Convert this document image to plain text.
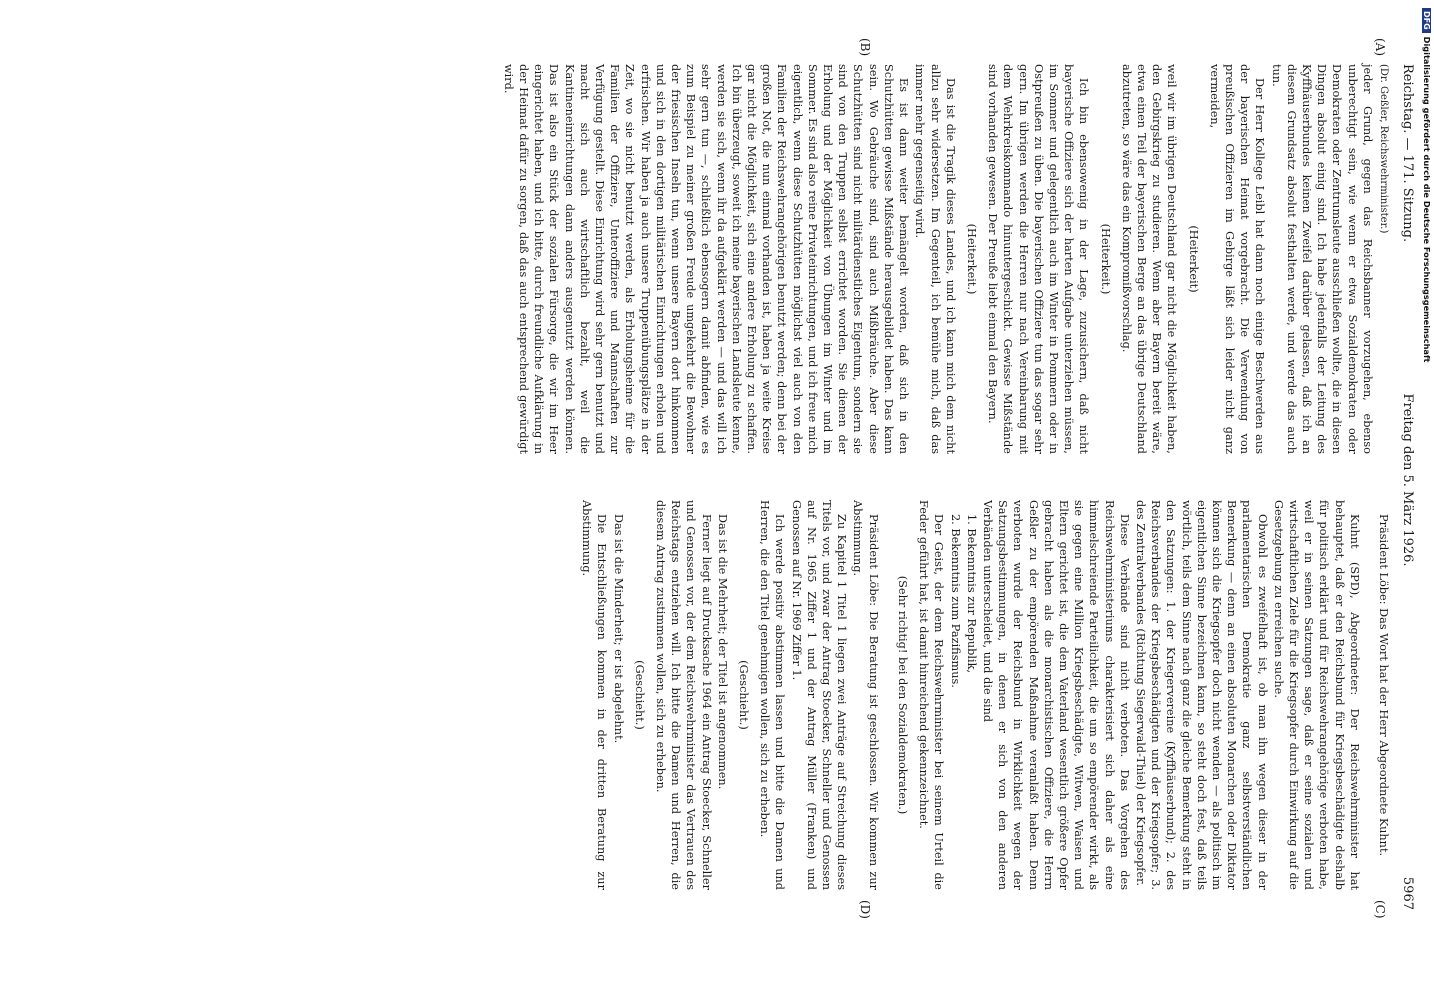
Reichstag. — 171. Sitzung.
Freitag den 5. März 1926.
5967
(A)
(B)
(C)
(D)

(Dr. Geßler, Reichswehrminister.)

jeder Grund, gegen das Reichsbanner vorzugehen, ebenso unberechtigt sein, wie wenn er etwa Sozialdemokraten oder Demokraten oder Zentrumsleute ausschließen wollte, die in diesen Dingen absolut einig sind. Ich habe jedenfalls der Leitung des Kyffhäuserbundes keinen Zweifel darüber gelassen, daß ich an diesem Grundsatz absolut festhalten werde, und werde das auch tun.

Der Herr Kollege Leibl hat dann noch einige Beschwerden aus der bayerischen Heimat vorgebracht. Die Verwendung von preußischen Offizieren im Gebirge läßt sich leider nicht ganz vermeiden,

(Heiterkeit)

weil wir im übrigen Deutschland gar nicht die Möglichkeit haben, den Gebirgskrieg zu studieren. Wenn aber Bayern bereit wäre, etwa einen Teil der bayerischen Berge an das übrige Deutschland abzutreten, so wäre das ein Kompromißvorschlag.

(Heiterkeit.)

Ich bin ebensowenig in der Lage, zuzusichern, daß nicht bayerische Offiziere sich der harten Aufgabe unterziehen müssen, im Sommer und gelegentlich auch im Winter in Pommern oder in Ostpreußen zu üben. Die bayerischen Offiziere tun das sogar sehr gern. Im übrigen werden die Herren nur nach Vereinbarung mit dem Wehrkreiskommando hinuntergeschickt. Gewisse Mißstände sind vorhanden gewesen. Der Preuße liebt einmal den Bayern.

(Heiterkeit.)

Das ist die Tragik dieses Landes, und ich kann mich dem nicht allzu sehr widersetzen. Im Gegenteil, ich bemühe mich, daß das immer mehr gegenseitig wird.

Es ist dann weiter bemängelt worden, daß sich in den Schutzhütten gewisse Mißstände herausgebildet haben. Das kann sein. Wo Gebräuche sind, sind auch Mißbräuche. Aber diese Schutzhütten sind nicht militärdienstliches Eigentum, sondern sie sind von den Truppen selbst errichtet worden. Sie dienen der Erholung und der Möglichkeit von Übungen im Winter und im Sommer. Es sind also reine Privateinrichtungen, und ich freue mich eigentlich, wenn diese Schutzhütten möglichst viel auch von den Familien der Reichswehrangehörigen benutzt werden; denn bei der großen Not, die nun einmal vorhanden ist, haben ja weite Kreise gar nicht die Möglichkeit, sich eine andere Erholung zu schaffen. Ich bin überzeugt, soweit ich meine bayerischen Landsleute kenne, werden sie sich, wenn ihr da aufgeklärt werden — und das will ich sehr gern tun —, schließlich ebensogern damit abfinden, wie es zum Beispiel zu meiner großen Freude umgekehrt die Bewohner der friesischen Inseln tun, wenn unsere Bayern dort hinkommen und sich in den dortigen militärischen Einrichtungen erholen und erfrischen. Wir haben ja auch unsere Truppenübungsplätze in der Zeit, wo sie nicht benutzt werden, als Erholungsheime für die Familien der Offiziere, Unteroffiziere und Mannschaften zur Verfügung gestellt. Diese Einrichtung wird sehr gern benutzt und macht sich auch wirtschaftlich bezahlt, weil die Kantineneinrichtungen dann anders ausgenutzt werden können. Das ist also ein Stück der sozialen Fürsorge, die wir im Heer eingerichtet haben, und ich bitte, durch freundliche Aufklärung in der Heimat dafür zu sorgen, daß das auch entsprechend gewürdigt wird.

Präsident Löbe: Das Wort hat der Herr Abgeordnete Kuhnt.

Kuhnt (SPD), Abgeordneter: Der Reichswehrminister hat behauptet, daß er den Reichsbund für Kriegsbeschädigte deshalb für politisch erklärt und für Reichswehrangehörige verboten habe, weil er in seinen Satzungen sage, daß er seine sozialen und wirtschaftlichen Ziele für die Kriegsopfer durch Einwirkung auf die Gesetzgebung zu erreichen suche.

Obwohl es zweifelhaft ist, ob man ihn wegen dieser in der parlamentarischen Demokratie ganz selbstverständlichen Bemerkung — denn an einen absoluten Monarchen oder Diktator können sich die Kriegsopfer doch nicht wenden — als politisch im eigentlichen Sinne bezeichnen kann, so steht doch fest, daß teils wörtlich, teils dem Sinne nach ganz die gleiche Bemerkung steht in den Satzungen: 1. der Kriegervereine (Kyffhäuserbund); 2. des Reichsverbandes der Kriegsbeschädigten und der Kriegsopfer; 3. des Zentralverbandes (Richtung Siegerwald-Thiel) der Kriegsopfer.

Diese Verbände sind nicht verboten. Das Vorgehen des Reichswehrministeriums charakterisiert sich daher als eine himmelschreiende Parteilichkeit, die um so empörender wirkt, als sie gegen eine Million Kriegsbeschädigte, Witwen, Waisen und Eltern gerichtet ist, die dem Vaterland wesentlich größere Opfer gebracht haben als die monarchistischen Offiziere, die Herrn Geßler zu der empörenden Maßnahme veranlaßt haben. Denn verboten wurde der Reichsbund in Wirklichkeit wegen der Satzungsbestimmungen, in denen er sich von den anderen Verbänden unterscheidet, und die sind

1. Bekenntnis zur Republik,

2. Bekenntnis zum Pazifismus.

Der Geist, der dem Reichswehrminister bei seinem Urteil die Feder geführt hat, ist damit hinreichend gekennzeichnet.

(Sehr richtig! bei den Sozialdemokraten.)

Präsident Löbe: Die Beratung ist geschlossen. Wir kommen zur Abstimmung.

Zu Kapitel 1 Titel 1 liegen zwei Anträge auf Streichung dieses Titels vor, und zwar der Antrag Stoecker, Schneller und Genossen auf Nr. 1965 Ziffer 1 und der Antrag Müller (Franken) und Genossen auf Nr. 1969 Ziffer 1.

Ich werde positiv abstimmen lassen und bitte die Damen und Herren, die den Titel genehmigen wollen, sich zu erheben.

(Geschieht.)

Das ist die Mehrheit; der Titel ist angenommen.

Ferner liegt auf Drucksache 1964 ein Antrag Stoecker, Schneller und Genossen vor, der dem Reichswehrminister das Vertrauen des Reichstags entziehen will. Ich bitte die Damen und Herren, die diesem Antrag zustimmen wollen, sich zu erheben.

(Geschieht.)

Das ist die Minderheit; er ist abgelehnt.

Die Entschließungen kommen in der dritten Beratung zur Abstimmung.

DFGDigitalisierung gefördert durch die Deutsche Forschungsgemeinschaft
